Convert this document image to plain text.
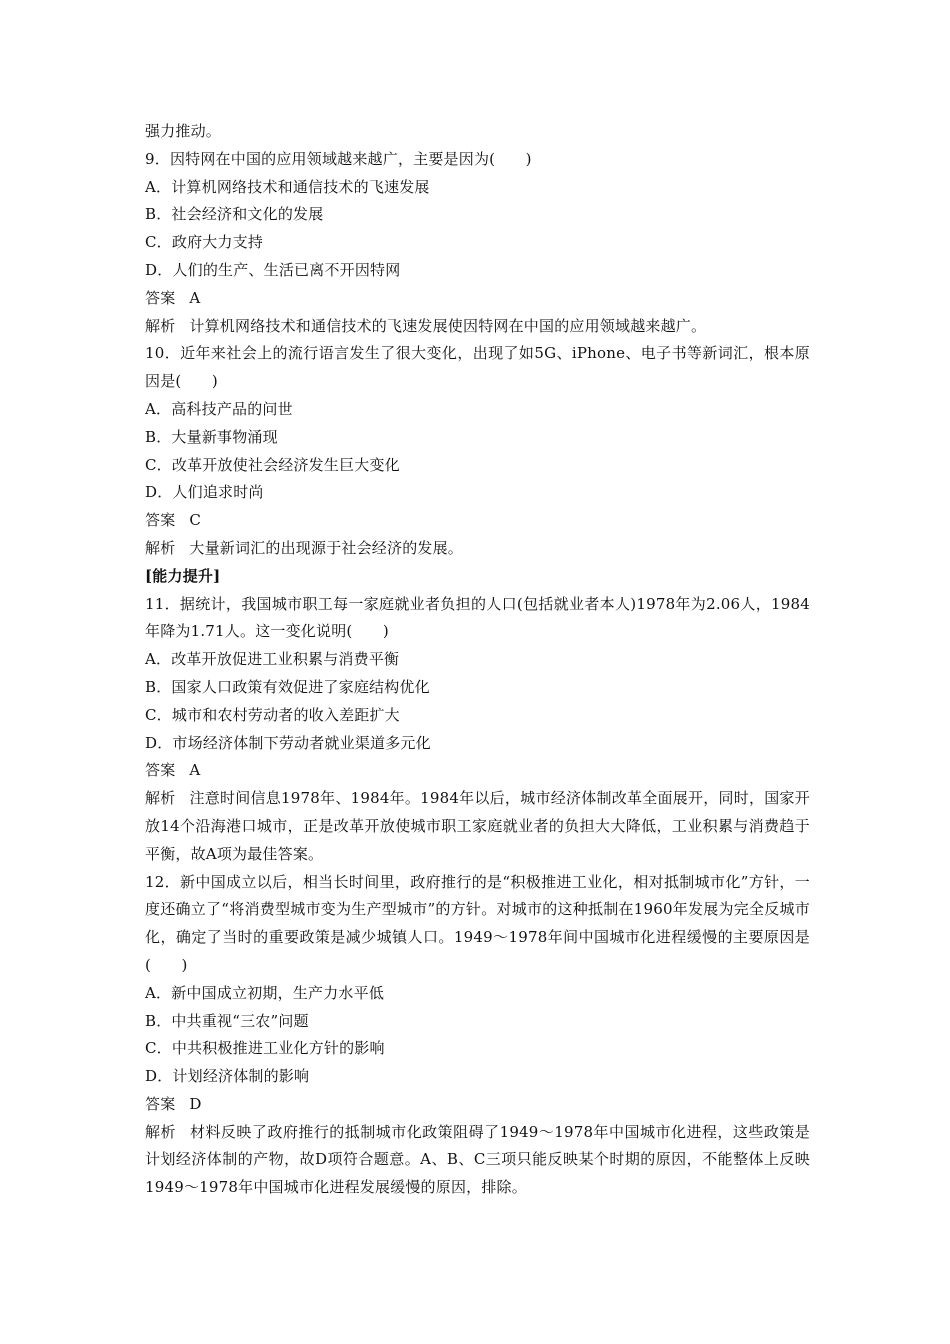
强力推动。
9．因特网在中国的应用领域越来越广，主要是因为(　　)
A．计算机网络技术和通信技术的飞速发展
B．社会经济和文化的发展
C．政府大力支持
D．人们的生产、生活已离不开因特网
答案 A
解析 计算机网络技术和通信技术的飞速发展使因特网在中国的应用领域越来越广。
10．近年来社会上的流行语言发生了很大变化，出现了如5G、iPhone、电子书等新词汇，根本原因是(　　)
A．高科技产品的问世
B．大量新事物涌现
C．改革开放使社会经济发生巨大变化
D．人们追求时尚
答案 C
解析 大量新词汇的出现源于社会经济的发展。
[能力提升]
11．据统计，我国城市职工每一家庭就业者负担的人口(包括就业者本人)1978年为2.06人，1984年降为1.71人。这一变化说明(　　)
A．改革开放促进工业积累与消费平衡
B．国家人口政策有效促进了家庭结构优化
C．城市和农村劳动者的收入差距扩大
D．市场经济体制下劳动者就业渠道多元化
答案 A
解析 注意时间信息1978年、1984年。1984年以后，城市经济体制改革全面展开，同时，国家开放14个沿海港口城市，正是改革开放使城市职工家庭就业者的负担大大降低，工业积累与消费趋于平衡，故A项为最佳答案。
12．新中国成立以后，相当长时间里，政府推行的是“积极推进工业化，相对抵制城市化”方针，一度还确立了“将消费型城市变为生产型城市”的方针。对城市的这种抵制在1960年发展为完全反城市化，确定了当时的重要政策是减少城镇人口。1949～1978年间中国城市化进程缓慢的主要原因是(　　)
A．新中国成立初期，生产力水平低
B．中共重视“三农”问题
C．中共积极推进工业化方针的影响
D．计划经济体制的影响
答案 D
解析 材料反映了政府推行的抵制城市化政策阻碍了1949～1978年中国城市化进程，这些政策是计划经济体制的产物，故D项符合题意。A、B、C三项只能反映某个时期的原因，不能整体上反映1949～1978年中国城市化进程发展缓慢的原因，排除。
